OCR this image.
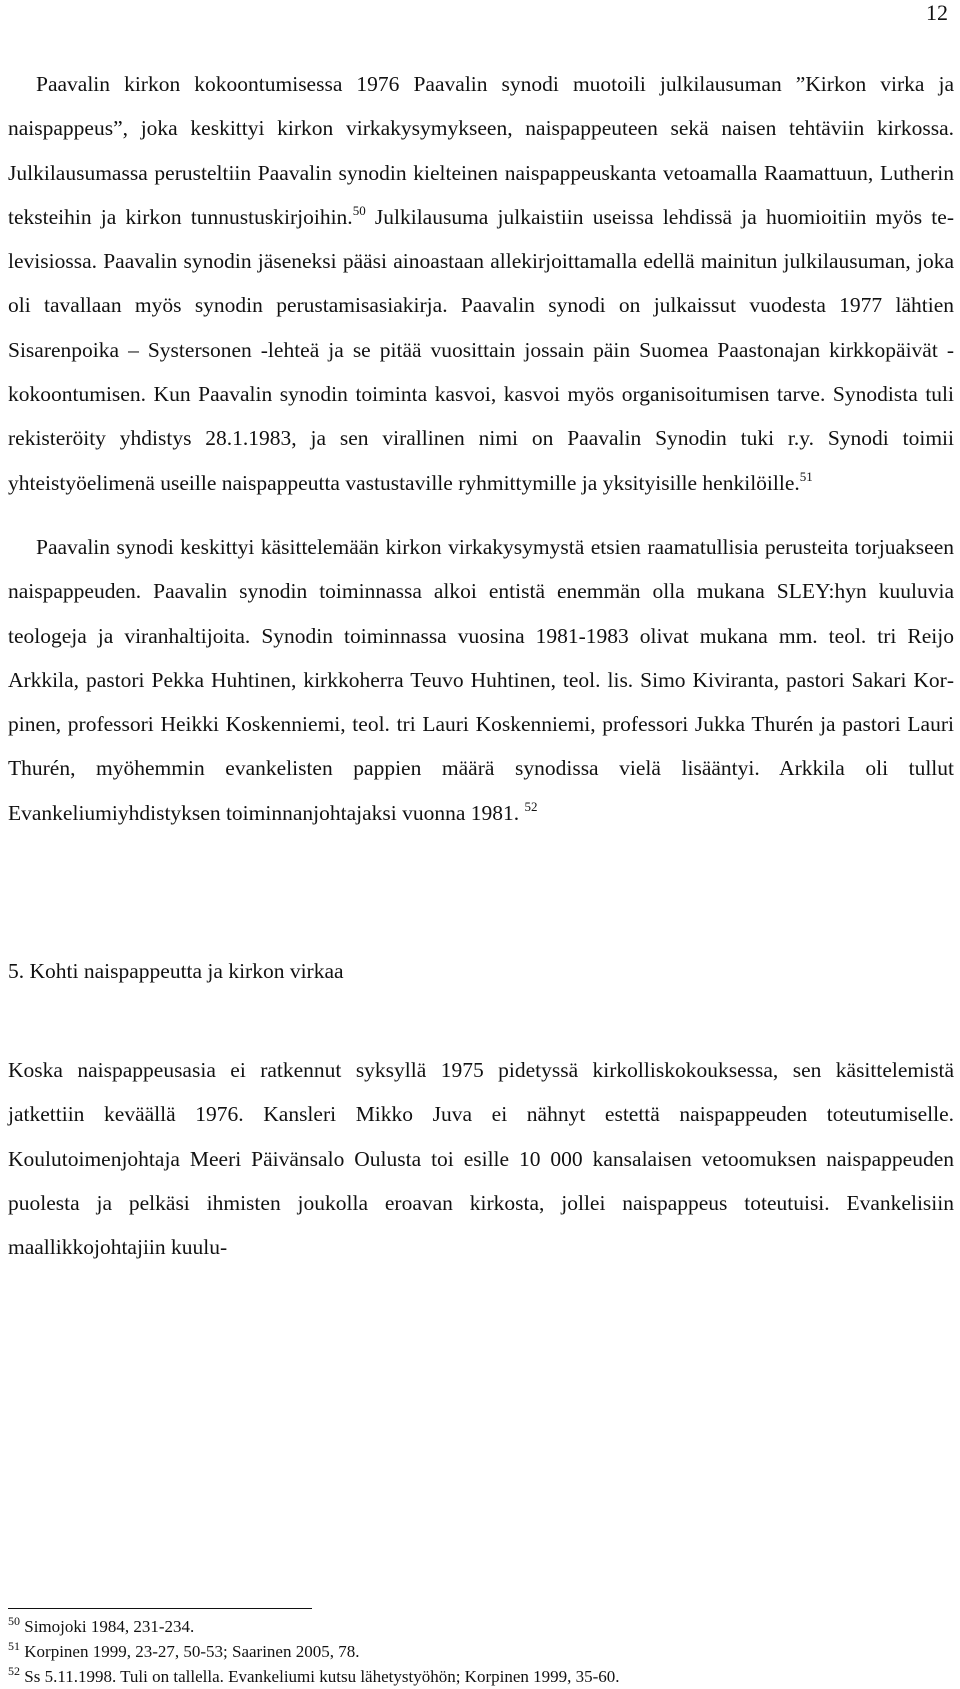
12

Paavalin kirkon kokoontumisessa 1976 Paavalin synodi muotoili julkilausuman ”Kirkon virka ja naispappeus”, joka keskittyi kirkon virkakysymykseen, naispappeuteen sekä naisen tehtäviin kirkossa. Julkilausumassa perusteltiin Paavalin synodin kielteinen naispappeuskanta vetoamalla Raamattuun, Lutherin teksteihin ja kirkon tunnustuskirjoihin.$^{50}$ Julkilausuma julkaistiin useissa lehdissä ja huomioitiin myös televisiossa. Paavalin synodin jäseneksi pääsi ainoastaan allekirjoittamalla edellä mainitun julkilausuman, joka oli tavallaan myös synodin perustamisasiakirja. Paavalin synodi on julkaissut vuodesta 1977 lähtien Sisarenpoika – Systersonen -lehteä ja se pitää vuosittain jossain päin Suomea Paastonajan kirkkopäivät -kokoontumisen. Kun Paavalin synodin toiminta kasvoi, kasvoi myös organisoitumisen tarve. Synodista tuli rekisteröity yhdistys 28.1.1983, ja sen virallinen nimi on Paavalin Synodin tuki r.y. Synodi toimii yhteistyöelimenä useille naispappeutta vastustaville ryhmittymille ja yksityisille henkilöille.$^{51}$

Paavalin synodi keskittyi käsittelemään kirkon virkakysymystä etsien raamatullisia perusteita torjuakseen naispappeuden. Paavalin synodin toiminnassa alkoi entistä enemmän olla mukana SLEY:hyn kuuluvia teologeja ja viranhaltijoita. Synodin toiminnassa vuosina 1981-1983 olivat mukana mm. teol. tri Reijo Arkkila, pastori Pekka Huhtinen, kirkkoherra Teuvo Huhtinen, teol. lis. Simo Kiviranta, pastori Sakari Korpinen, professori Heikki Koskenniemi, teol. tri Lauri Koskenniemi, professori Jukka Thurén ja pastori Lauri Thurén, myöhemmin evankelisten pappien määrä synodissa vielä lisääntyi. Arkkila oli tullut Evankeliumiyhdistyksen toiminnanjohtajaksi vuonna 1981. $^{52}$

5. Kohti naispappeutta ja kirkon virkaa

Koska naispappeusasia ei ratkennut syksyllä 1975 pidetyssä kirkolliskokouksessa, sen käsittelemistä jatkettiin keväällä 1976. Kansleri Mikko Juva ei nähnyt estettä naispappeuden toteutumiselle. Koulutoimenjohtaja Meeri Päivänsalo Oulusta toi esille 10 000 kansalaisen vetoomuksen naispappeuden puolesta ja pelkäsi ihmisten joukolla eroavan kirkosta, jollei naispappeus toteutuisi. Evankelisiin maallikkojohtajiin kuulu-

$^{50}$ Simojoki 1984, 231-234.

$^{51}$ Korpinen 1999, 23-27, 50-53; Saarinen 2005, 78.

$^{52}$ Ss 5.11.1998. Tuli on tallella. Evankeliumi kutsu lähetystyöhön; Korpinen 1999, 35-60.
